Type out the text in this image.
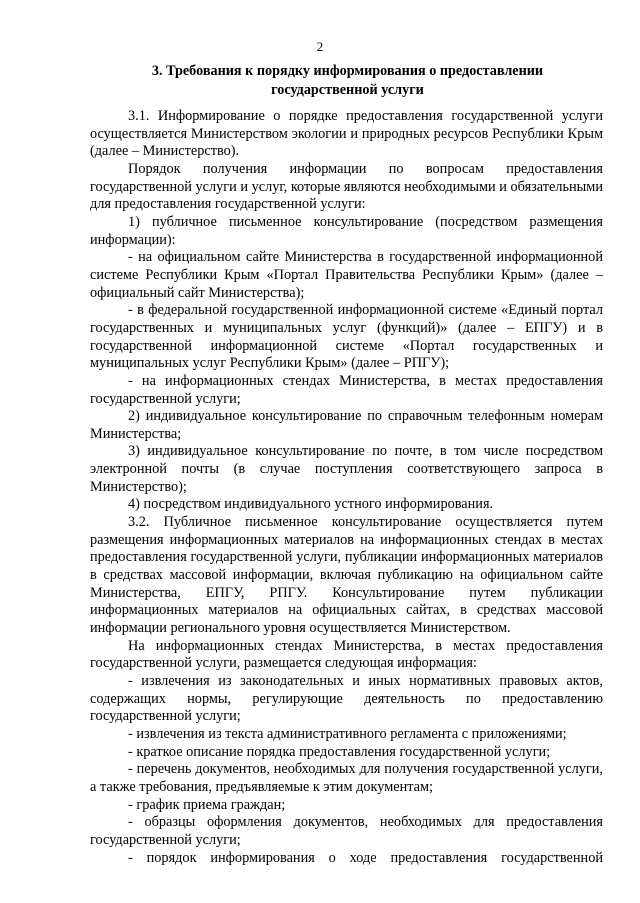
2
3. Требования к порядку информирования о предоставлении
государственной услуги

3.1. Информирование о порядке предоставления государственной услуги осуществляется Министерством экологии и природных ресурсов Республики Крым (далее – Министерство).

Порядок получения информации по вопросам предоставления государственной услуги и услуг, которые являются необходимыми и обязательными для предоставления государственной услуги:

1) публичное письменное консультирование (посредством размещения информации):

- на официальном сайте Министерства в государственной информационной системе Республики Крым «Портал Правительства Республики Крым» (далее – официальный сайт Министерства);

- в федеральной государственной информационной системе «Единый портал государственных и муниципальных услуг (функций)» (далее – ЕПГУ) и в государственной информационной системе «Портал государственных и муниципальных услуг Республики Крым» (далее – РПГУ);

- на информационных стендах Министерства, в местах предоставления государственной услуги;

2) индивидуальное консультирование по справочным телефонным номерам Министерства;

3) индивидуальное консультирование по почте, в том числе посредством электронной почты (в случае поступления соответствующего запроса в Министерство);

4) посредством индивидуального устного информирования.

3.2. Публичное письменное консультирование осуществляется путем размещения информационных материалов на информационных стендах в местах предоставления государственной услуги, публикации информационных материалов в средствах массовой информации, включая публикацию на официальном сайте Министерства, ЕПГУ, РПГУ. Консультирование путем публикации информационных материалов на официальных сайтах, в средствах массовой информации регионального уровня осуществляется Министерством.

На информационных стендах Министерства, в местах предоставления государственной услуги, размещается следующая информация:

- извлечения из законодательных и иных нормативных правовых актов, содержащих нормы, регулирующие деятельность по предоставлению государственной услуги;

- извлечения из текста административного регламента с приложениями;

- краткое описание порядка предоставления государственной услуги;

- перечень документов, необходимых для получения государственной услуги, а также требования, предъявляемые к этим документам;

- график приема граждан;

- образцы оформления документов, необходимых для предоставления государственной услуги;

- порядок информирования о ходе предоставления государственной
